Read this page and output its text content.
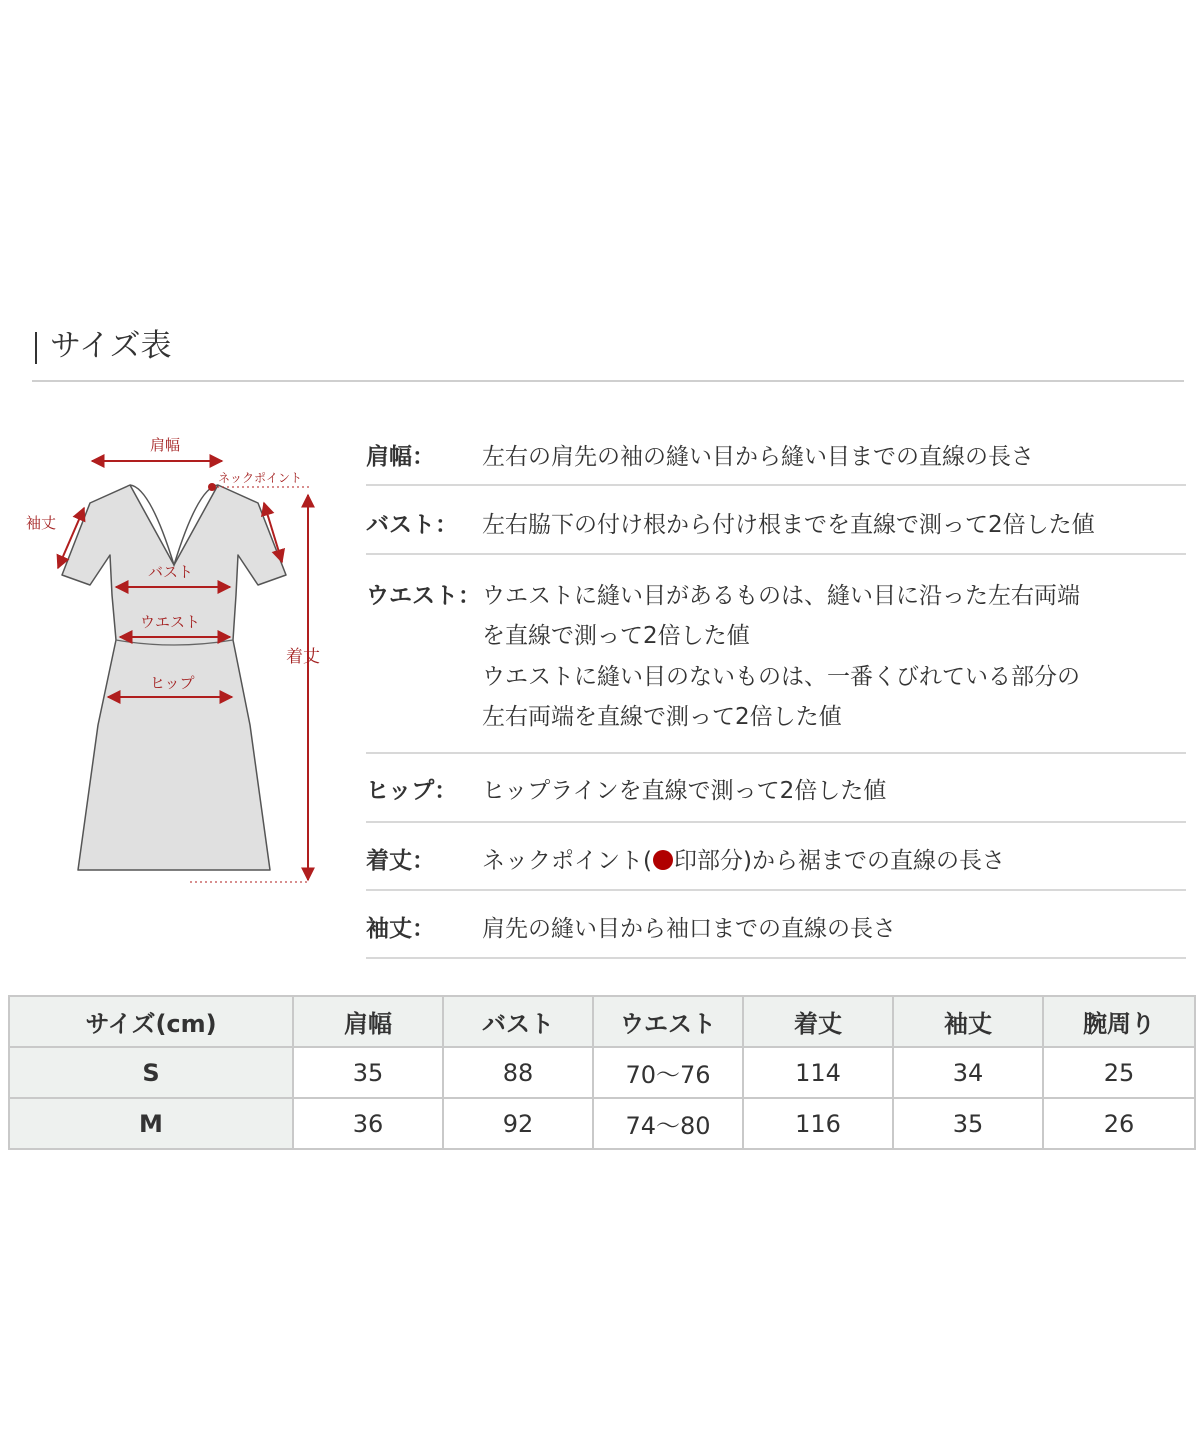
サイズ表
肩幅
ネックポイント
袖丈
バスト
ウエスト
ヒップ
着丈
肩幅： 左右の肩先の袖の縫い目から縫い目までの直線の長さ
バスト： 左右脇下の付け根から付け根までを直線で測って2倍した値
ウエスト： ウエストに縫い目があるものは、縫い目に沿った左右両端
を直線で測って2倍した値
ウエストに縫い目のないものは、一番くびれている部分の
左右両端を直線で測って2倍した値
ヒップ： ヒップラインを直線で測って2倍した値
着丈： ネックポイント( 印部分)から裾までの直線の長さ
袖丈： 肩先の縫い目から袖口までの直線の長さ
サイズ(cm)	肩幅	バスト	ウエスト	着丈	袖丈	腕周り
S	35	88	70～76	114	34	25
M	36	92	74～80	116	35	26
